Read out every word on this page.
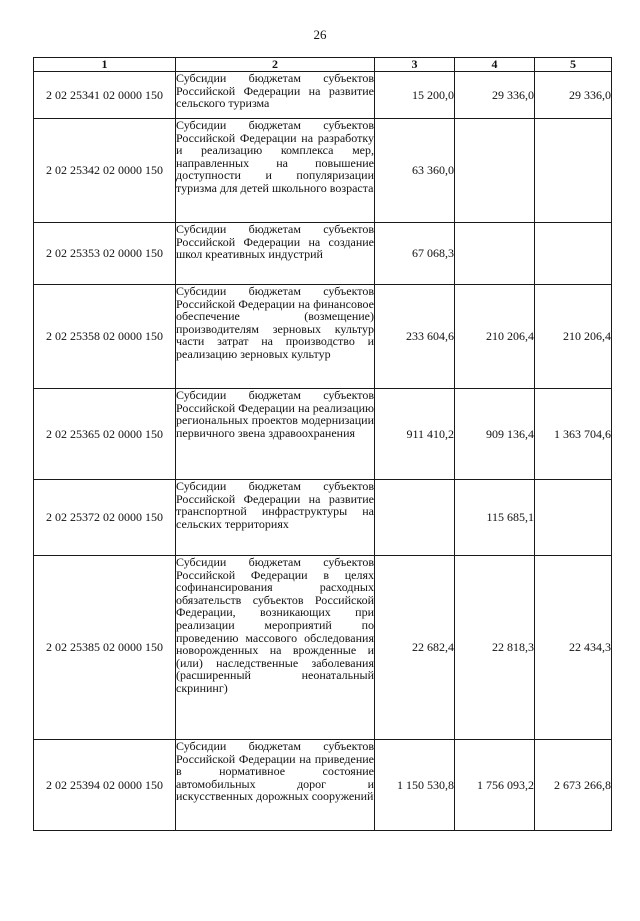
26
1	2	3	4	5
2 02 25341 02 0000 150	Субсидии бюджетам субъектов Российской Федерации на развитие сельского туризма	15 200,0	29 336,0	29 336,0
2 02 25342 02 0000 150	Субсидии бюджетам субъектов Российской Федерации на разработку и реализацию комплекса мер, направленных на повышение доступности и популяризации туризма для детей школьного возраста	63 360,0		
2 02 25353 02 0000 150	Субсидии бюджетам субъектов Российской Федерации на создание школ креативных индустрий	67 068,3		
2 02 25358 02 0000 150	Субсидии бюджетам субъектов Российской Федерации на финансовое обеспечение (возмещение) производителям зерновых культур части затрат на производство и реализацию зерновых культур	233 604,6	210 206,4	210 206,4
2 02 25365 02 0000 150	Субсидии бюджетам субъектов Российской Федерации на реализацию региональных проектов модернизации первичного звена здравоохранения	911 410,2	909 136,4	1 363 704,6
2 02 25372 02 0000 150	Субсидии бюджетам субъектов Российской Федерации на развитие транспортной инфраструктуры на сельских территориях		115 685,1	
2 02 25385 02 0000 150	Субсидии бюджетам субъектов Российской Федерации в целях софинансирования расходных обязательств субъектов Российской Федерации, возникающих при реализации мероприятий по проведению массового обследования новорожденных на врожденные и (или) наследственные заболевания (расширенный неонатальный скрининг)	22 682,4	22 818,3	22 434,3
2 02 25394 02 0000 150	Субсидии бюджетам субъектов Российской Федерации на приведение в нормативное состояние автомобильных дорог и искусственных дорожных сооружений	1 150 530,8	1 756 093,2	2 673 266,8
